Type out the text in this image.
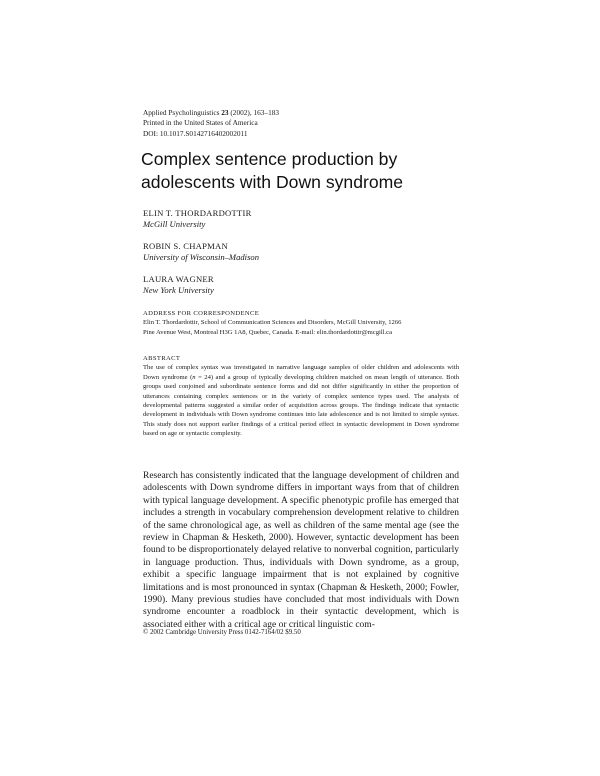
Applied Psycholinguistics 23 (2002), 163–183
Printed in the United States of America
DOI: 10.1017.S0142716402002011
Complex sentence production by adolescents with Down syndrome
ELIN T. THORDARDOTTIR
McGill University
ROBIN S. CHAPMAN
University of Wisconsin–Madison
LAURA WAGNER
New York University
ADDRESS FOR CORRESPONDENCE
Elin T. Thordardottir, School of Communication Sciences and Disorders, McGill University, 1266
Pine Avenue West, Montreal H3G 1A8, Quebec, Canada. E-mail: elin.thordardottir@mcgill.ca
ABSTRACT

The use of complex syntax was investigated in narrative language samples of older children and adolescents with Down syndrome (n = 24) and a group of typically developing children matched on mean length of utterance. Both groups used conjoined and subordinate sentence forms and did not differ significantly in either the proportion of utterances containing complex sentences or in the variety of complex sentence types used. The analysis of developmental patterns suggested a similar order of acquisition across groups. The findings indicate that syntactic development in individuals with Down syndrome continues into late adolescence and is not limited to simple syntax. This study does not support earlier findings of a critical period effect in syntactic development in Down syndrome based on age or syntactic complexity.

Research has consistently indicated that the language development of children and adolescents with Down syndrome differs in important ways from that of children with typical language development. A specific phenotypic profile has emerged that includes a strength in vocabulary comprehension development relative to children of the same chronological age, as well as children of the same mental age (see the review in Chapman & Hesketh, 2000). However, syntactic development has been found to be disproportionately delayed relative to nonverbal cognition, particularly in language production. Thus, individuals with Down syndrome, as a group, exhibit a specific language impairment that is not explained by cognitive limitations and is most pronounced in syntax (Chapman & Hesketh, 2000; Fowler, 1990). Many previous studies have concluded that most individuals with Down syndrome encounter a roadblock in their syntactic development, which is associated either with a critical age or critical linguistic com-

© 2002 Cambridge University Press 0142-7164/02 $9.50
